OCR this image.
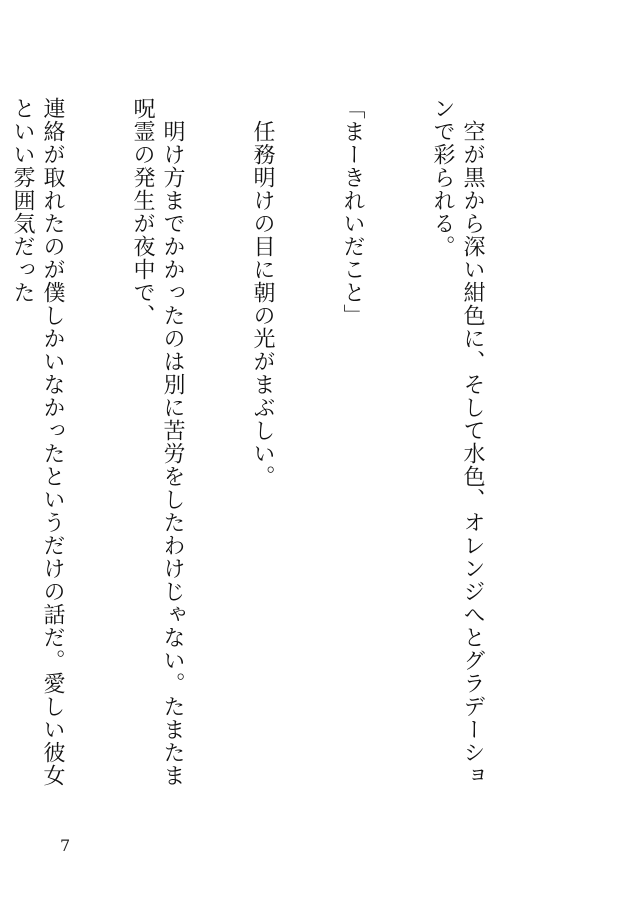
　空が黒から深い紺色に、そして水色、オレンジへとグラデーションで彩られる。

「まーきれいだこと」

　任務明けの目に朝の光がまぶしい。

　明け方までかかったのは別に苦労をしたわけじゃない。たまたま呪霊の発生が夜中で、

連絡が取れたのが僕しかいなかったというだけの話だ。愛しい彼女といい雰囲気だった

7
